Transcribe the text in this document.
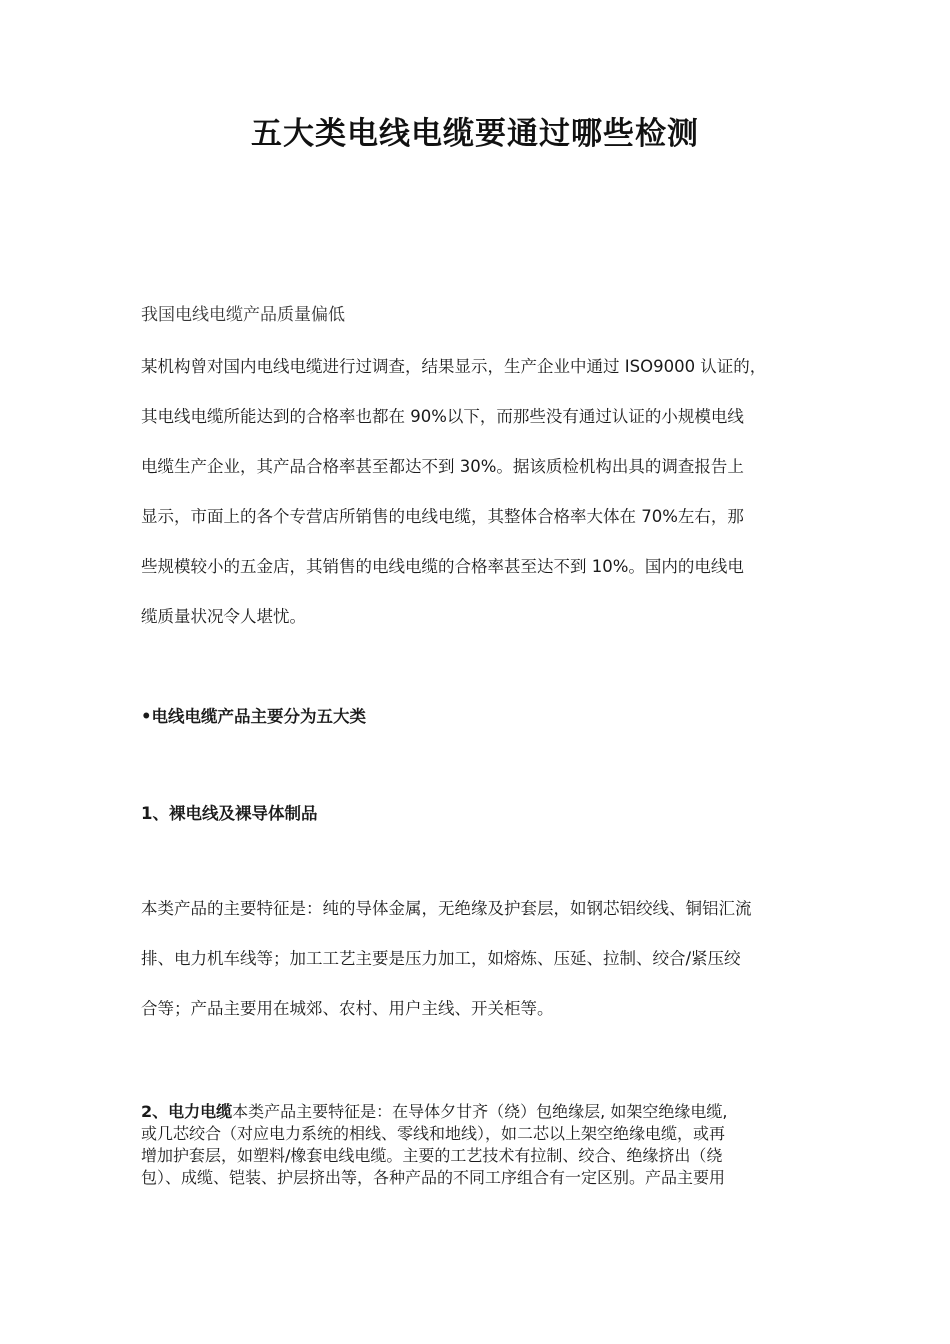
五大类电线电缆要通过哪些检测
我国电线电缆产品质量偏低
某机构曾对国内电线电缆进行过调查，结果显示，生产企业中通过 ISO9000 认证的，
其电线电缆所能达到的合格率也都在 90%以下，而那些没有通过认证的小规模电线
电缆生产企业，其产品合格率甚至都达不到 30%。据该质检机构出具的调查报告上
显示，市面上的各个专营店所销售的电线电缆，其整体合格率大体在 70%左右，那
些规模较小的五金店，其销售的电线电缆的合格率甚至达不到 10%。国内的电线电
缆质量状况令人堪忧。
•电线电缆产品主要分为五大类
1、裸电线及裸导体制品
本类产品的主要特征是：纯的导体金属，无绝缘及护套层，如钢芯铝绞线、铜铝汇流
排、电力机车线等；加工工艺主要是压力加工，如熔炼、压延、拉制、绞合/紧压绞
合等；产品主要用在城郊、农村、用户主线、开关柜等。
2、电力电缆本类产品主要特征是：在导体夕甘齐（绕）包绝缘层, 如架空绝缘电缆,
或几芯绞合（对应电力系统的相线、零线和地线），如二芯以上架空绝缘电缆，或再
增加护套层，如塑料/橡套电线电缆。主要的工艺技术有拉制、绞合、绝缘挤出（绕
包）、成缆、铠装、护层挤出等，各种产品的不同工序组合有一定区别。产品主要用
